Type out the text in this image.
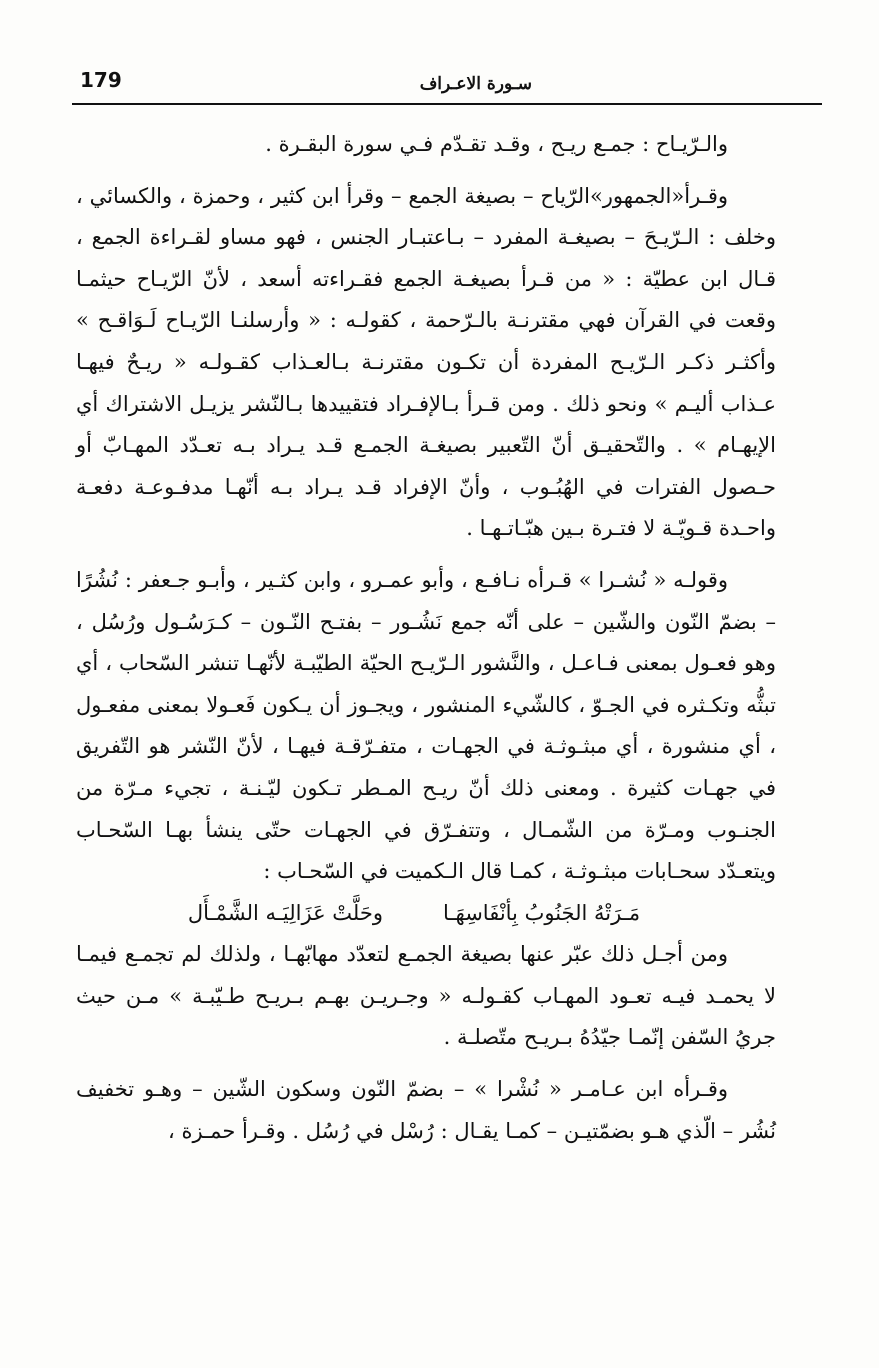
179	سـورة الاعـراف

والـرّيـاح : جمـع ريـح ، وقـد تقـدّم فـي سورة البقـرة .

وقـرأ«الجمهور»الرّياح – بصيغة الجمع – وقرأ ابن كثير ، وحمزة ، والكسائي ، وخلف : الـرّيـحَ – بصيغـة المفرد – بـاعتبـار الجنس ، فهو مساو لقـراءة الجمع ، قـال ابن عطيّة : « من قـرأ بصيغـة الجمع فقـراءته أسعد ، لأنّ الرّيـاح حيثمـا وقعت في القرآن فهي مقترنـة بالـرّحمة ، كقولـه : « وأرسلنـا الرّيـاح لَـوَاقـح » وأكثـر ذكـر الـرّيـح المفردة أن تكـون مقترنـة بـالعـذاب كقـولـه « ريـحٌ فيهـا عـذاب أليـم » ونحو ذلك . ومن قـرأ بـالإفـراد فتقييدها بـالنّشر يزيـل الاشتراك أي الإيهـام » . والتّحقيـق أنّ التّعبير بصيغـة الجمـع قـد يـراد بـه تعـدّد المهـابّ أو حـصول الفترات في الهُبُـوب ، وأنّ الإفراد قـد يـراد بـه أنّهـا مدفـوعـة دفعـة واحـدة قـويّـة لا فتـرة بـين هبّـاتـهـا .

وقولـه « نُشـرا » قـرأه نـافـع ، وأبو عمـرو ، وابن كثـير ، وأبـو جـعفر : نُشُرًا – بضمّ النّون والشّين – على أنّه جمع نَشُـور – بفتـح النّـون – كـرَسُـول ورُسُل ، وهو فعـول بمعنى فـاعـل ، والنَّشور الـرّيـح الحيّة الطيّبـة لأنّهـا تنشر السّحاب ، أي تبثُّه وتكـثره في الجـوّ ، كالشّيء المنشور ، ويجـوز أن يـكون فَعـولا بمعنى مفعـول ، أي منشورة ، أي مبثـوثـة في الجهـات ، متفـرّقـة فيهـا ، لأنّ النّشر هو التّفريق في جهـات كثيرة . ومعنى ذلك أنّ ريـح المـطر تـكون ليّـنـة ، تجيء مـرّة من الجنـوب ومـرّة من الشّمـال ، وتتفـرّق في الجهـات حتّى ينشأ بهـا السّحـاب ويتعـدّد سحـابات مبثـوثـة ، كمـا قال الـكميت في السّحـاب :

مَـرَتْهُ الجَنُوبُ بِأنْفَاسِهَـا
وحَلَّتْ عَزَالِيَـه الشَّمْـأَل

ومن أجـل ذلك عبّر عنها بصيغة الجمـع لتعدّد مهابّهـا ، ولذلك لم تجمـع فيمـا لا يحمـد فيـه تعـود المهـاب كقـولـه « وجـريـن بهـم بـريـح طـيّبـة » مـن حيث جريُ السّفن إنّمـا جيّدُهُ بـريـح متّصلـة .

وقـرأه ابن عـامـر « نُشْرا » – بضمّ النّون وسكون الشّين – وهـو تخفيف نُشُر – الّذي هـو بضمّتيـن – كمـا يقـال : رُسْل في رُسُل . وقـرأ حمـزة ،
